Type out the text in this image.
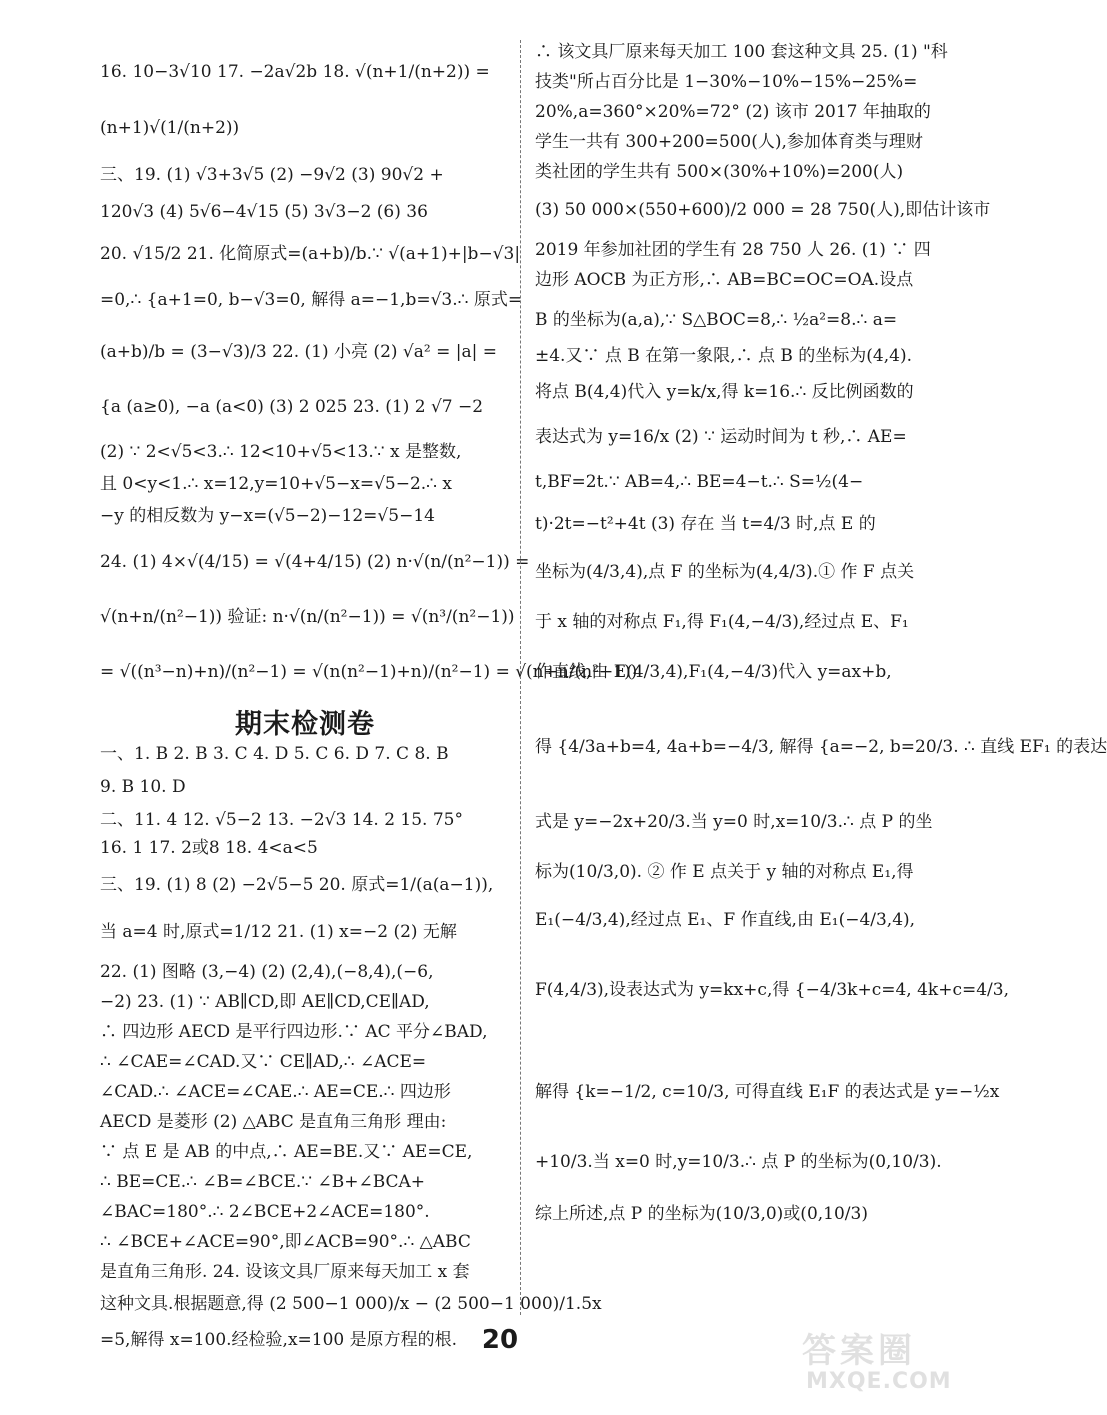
16. 10−3√10 17. −2a√2b 18. √(n+1/(n+2)) =
(n+1)√(1/(n+2))
三、19. (1) √3+3√5 (2) −9√2 (3) 90√2 +
120√3 (4) 5√6−4√15 (5) 3√3−2 (6) 36
20. √15/2 21. 化简原式=(a+b)/b.∵ √(a+1)+|b−√3|
=0,∴ {a+1=0, b−√3=0, 解得 a=−1,b=√3.∴ 原式=
(a+b)/b = (3−√3)/3 22. (1) 小亮 (2) √a² = |a| =
{a (a≥0), −a (a<0) (3) 2 025 23. (1) 2 √7 −2
(2) ∵ 2<√5<3.∴ 12<10+√5<13.∵ x 是整数,
且 0<y<1.∴ x=12,y=10+√5−x=√5−2.∴ x
−y 的相反数为 y−x=(√5−2)−12=√5−14
24. (1) 4×√(4/15) = √(4+4/15) (2) n·√(n/(n²−1)) =
√(n+n/(n²−1)) 验证: n·√(n/(n²−1)) = √(n³/(n²−1))
= √((n³−n)+n)/(n²−1) = √(n(n²−1)+n)/(n²−1) = √(n+n/(n²−1))
期末检测卷
一、1. B 2. B 3. C 4. D 5. C 6. D 7. C 8. B
9. B 10. D
二、11. 4 12. √5−2 13. −2√3 14. 2 15. 75°
16. 1 17. 2或8 18. 4<a<5
三、19. (1) 8 (2) −2√5−5 20. 原式=1/(a(a−1)),
当 a=4 时,原式=1/12 21. (1) x=−2 (2) 无解
22. (1) 图略 (3,−4) (2) (2,4),(−8,4),(−6,
−2) 23. (1) ∵ AB∥CD,即 AE∥CD,CE∥AD,
∴ 四边形 AECD 是平行四边形.∵ AC 平分∠BAD,
∴ ∠CAE=∠CAD.又∵ CE∥AD,∴ ∠ACE=
∠CAD.∴ ∠ACE=∠CAE.∴ AE=CE.∴ 四边形
AECD 是菱形 (2) △ABC 是直角三角形 理由:
∵ 点 E 是 AB 的中点,∴ AE=BE.又∵ AE=CE,
∴ BE=CE.∴ ∠B=∠BCE.∵ ∠B+∠BCA+
∠BAC=180°.∴ 2∠BCE+2∠ACE=180°.
∴ ∠BCE+∠ACE=90°,即∠ACB=90°.∴ △ABC
是直角三角形. 24. 设该文具厂原来每天加工 x 套
这种文具.根据题意,得 (2 500−1 000)/x − (2 500−1 000)/1.5x
=5,解得 x=100.经检验,x=100 是原方程的根.
∴ 该文具厂原来每天加工 100 套这种文具 25. (1) "科
技类"所占百分比是 1−30%−10%−15%−25%=
20%,a=360°×20%=72° (2) 该市 2017 年抽取的
学生一共有 300+200=500(人),参加体育类与理财
类社团的学生共有 500×(30%+10%)=200(人)
(3) 50 000×(550+600)/2 000 = 28 750(人),即估计该市
2019 年参加社团的学生有 28 750 人 26. (1) ∵ 四
边形 AOCB 为正方形,∴ AB=BC=OC=OA.设点
B 的坐标为(a,a),∵ S△BOC=8,∴ ½a²=8.∴ a=
±4.又∵ 点 B 在第一象限,∴ 点 B 的坐标为(4,4).
将点 B(4,4)代入 y=k/x,得 k=16.∴ 反比例函数的
表达式为 y=16/x (2) ∵ 运动时间为 t 秒,∴ AE=
t,BF=2t.∵ AB=4,∴ BE=4−t.∴ S=½(4−
t)·2t=−t²+4t (3) 存在 当 t=4/3 时,点 E 的
坐标为(4/3,4),点 F 的坐标为(4,4/3).① 作 F 点关
于 x 轴的对称点 F₁,得 F₁(4,−4/3),经过点 E、F₁
作直线,由 E(4/3,4),F₁(4,−4/3)代入 y=ax+b,
得 {4/3a+b=4, 4a+b=−4/3, 解得 {a=−2, b=20/3. ∴ 直线 EF₁ 的表达
式是 y=−2x+20/3.当 y=0 时,x=10/3.∴ 点 P 的坐
标为(10/3,0). ② 作 E 点关于 y 轴的对称点 E₁,得
E₁(−4/3,4),经过点 E₁、F 作直线,由 E₁(−4/3,4),
F(4,4/3),设表达式为 y=kx+c,得 {−4/3k+c=4, 4k+c=4/3,
解得 {k=−1/2, c=10/3, 可得直线 E₁F 的表达式是 y=−½x
+10/3.当 x=0 时,y=10/3.∴ 点 P 的坐标为(0,10/3).
综上所述,点 P 的坐标为(10/3,0)或(0,10/3)
20	答案圈
MXQE.COM
